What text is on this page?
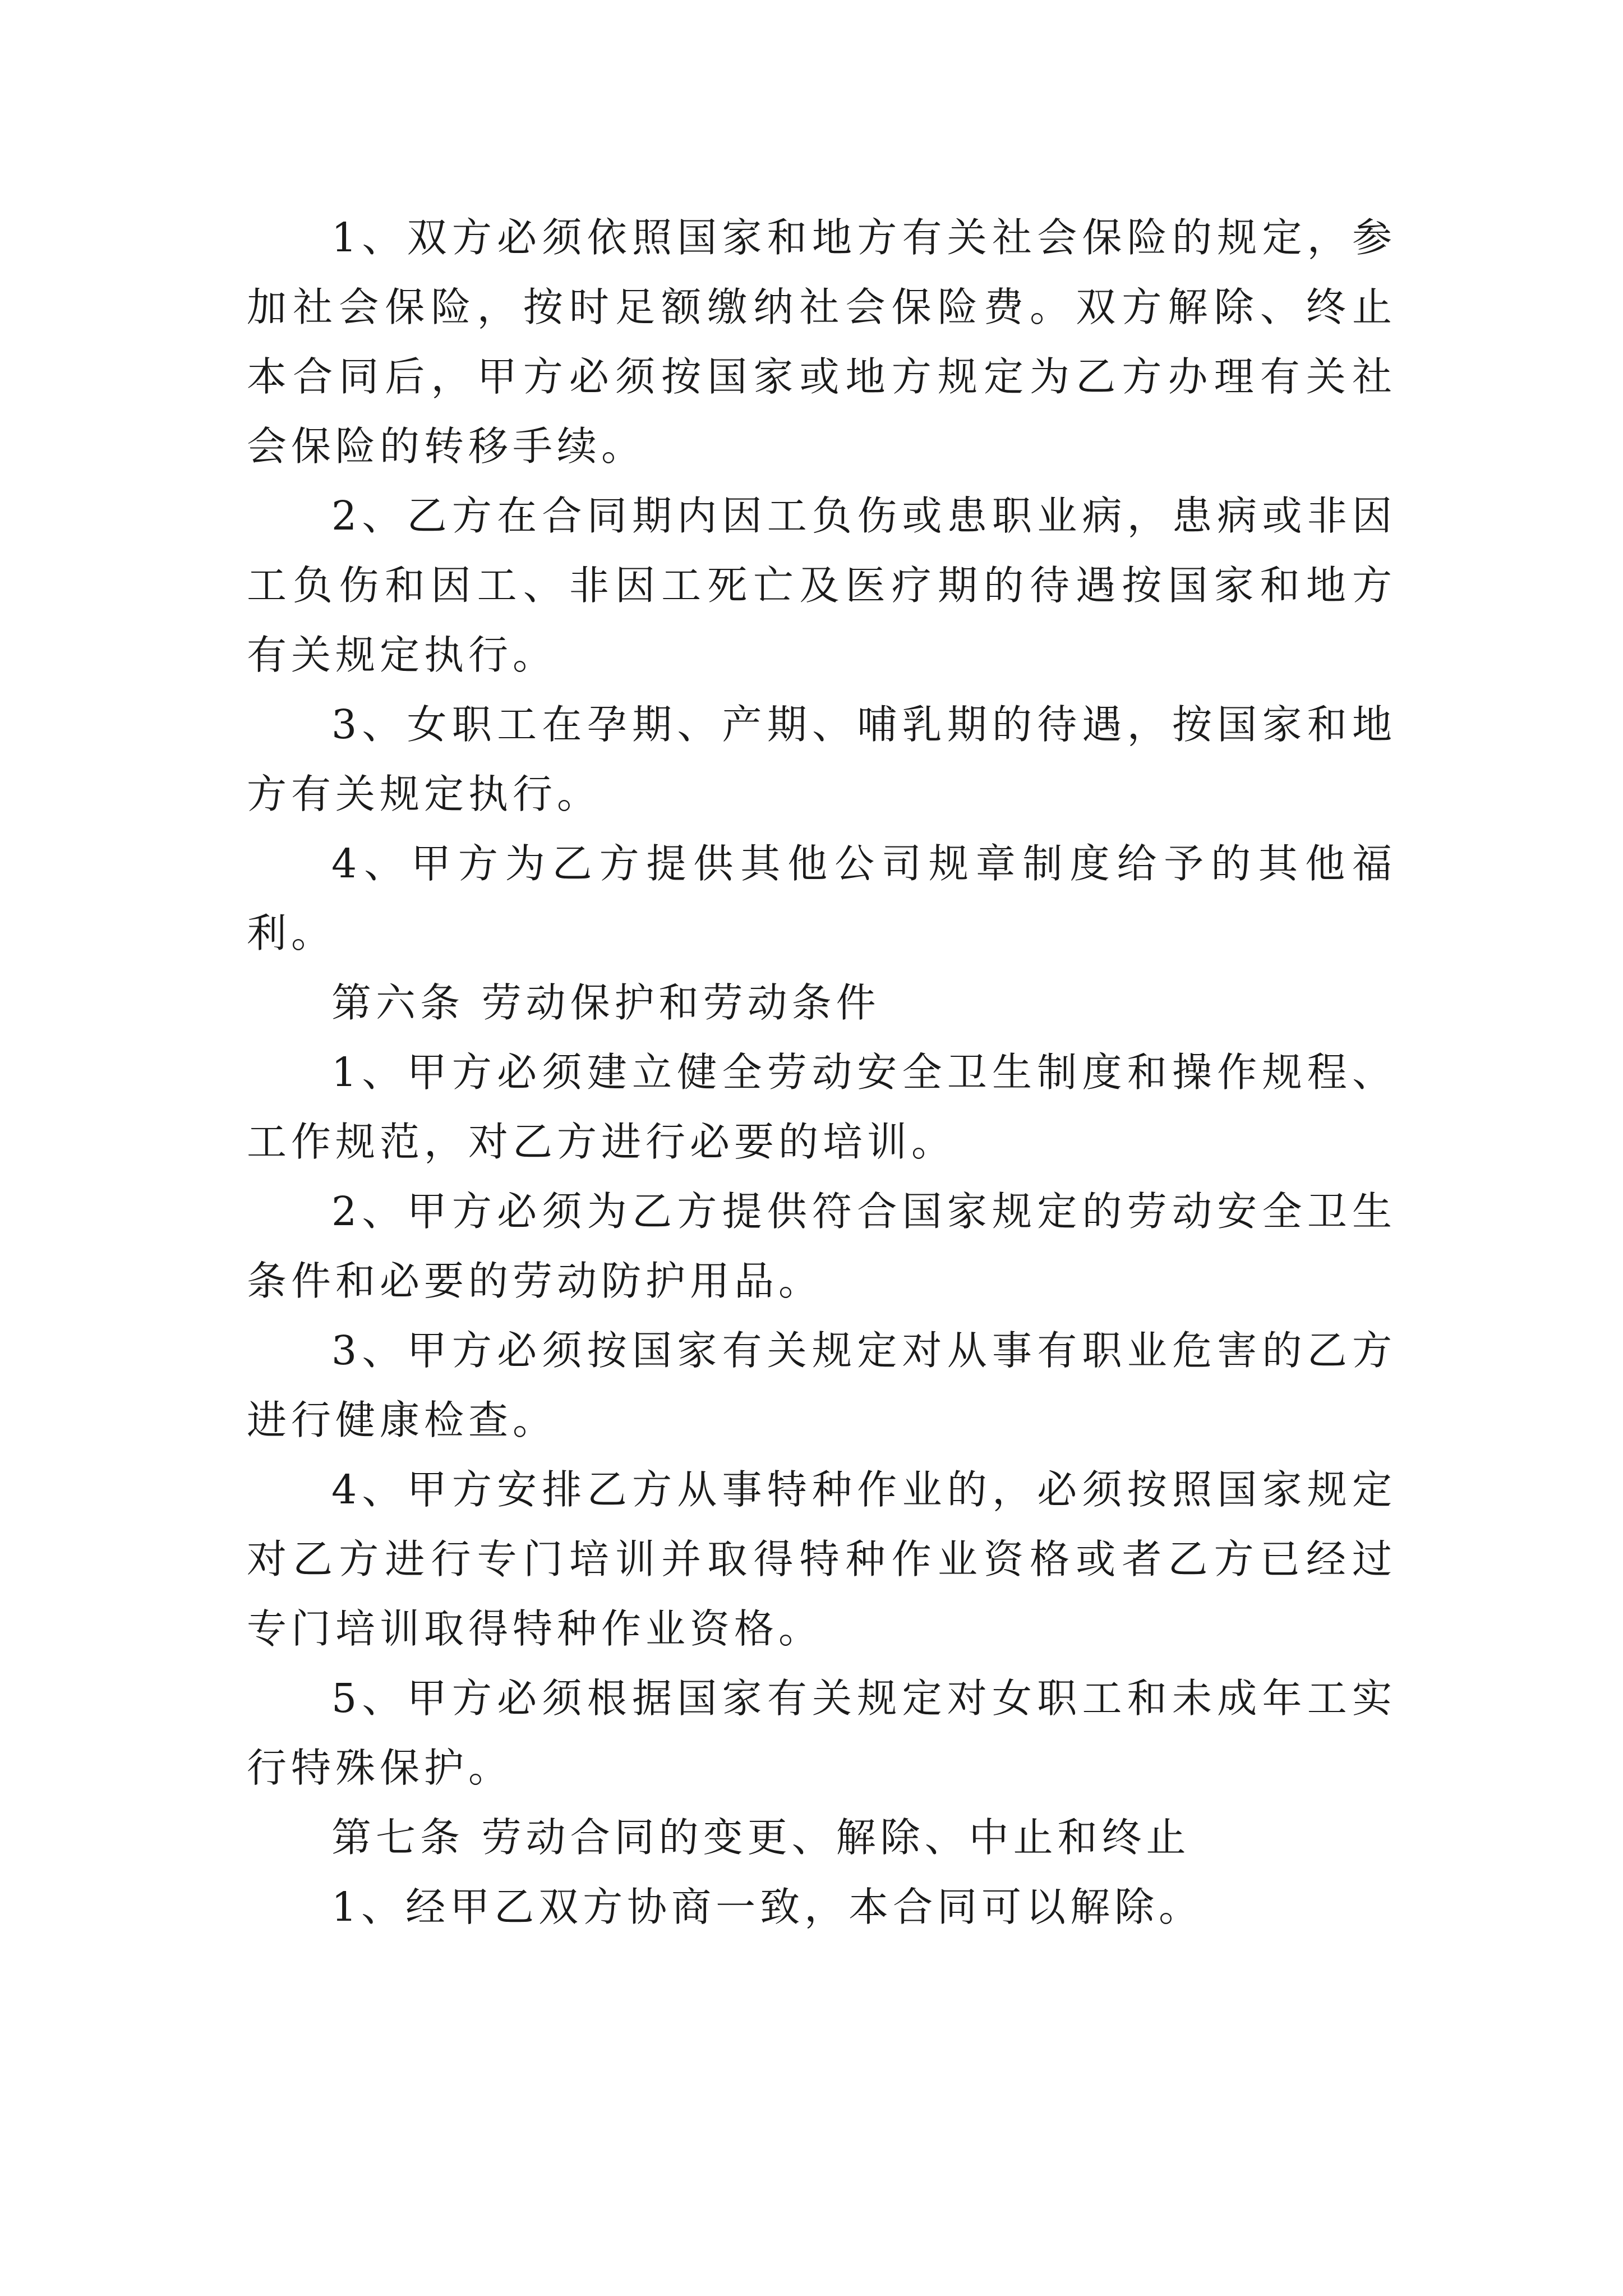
1、双方必须依照国家和地方有关社会保险的规定，参加社会保险，按时足额缴纳社会保险费。双方解除、终止本合同后，甲方必须按国家或地方规定为乙方办理有关社会保险的转移手续。

2、乙方在合同期内因工负伤或患职业病，患病或非因工负伤和因工、非因工死亡及医疗期的待遇按国家和地方有关规定执行。

3、女职工在孕期、产期、哺乳期的待遇，按国家和地方有关规定执行。

4、甲方为乙方提供其他公司规章制度给予的其他福利。

第六条 劳动保护和劳动条件

1、甲方必须建立健全劳动安全卫生制度和操作规程、工作规范，对乙方进行必要的培训。

2、甲方必须为乙方提供符合国家规定的劳动安全卫生条件和必要的劳动防护用品。

3、甲方必须按国家有关规定对从事有职业危害的乙方进行健康检查。

4、甲方安排乙方从事特种作业的，必须按照国家规定对乙方进行专门培训并取得特种作业资格或者乙方已经过专门培训取得特种作业资格。

5、甲方必须根据国家有关规定对女职工和未成年工实行特殊保护。

第七条 劳动合同的变更、解除、中止和终止

1、经甲乙双方协商一致，本合同可以解除。
